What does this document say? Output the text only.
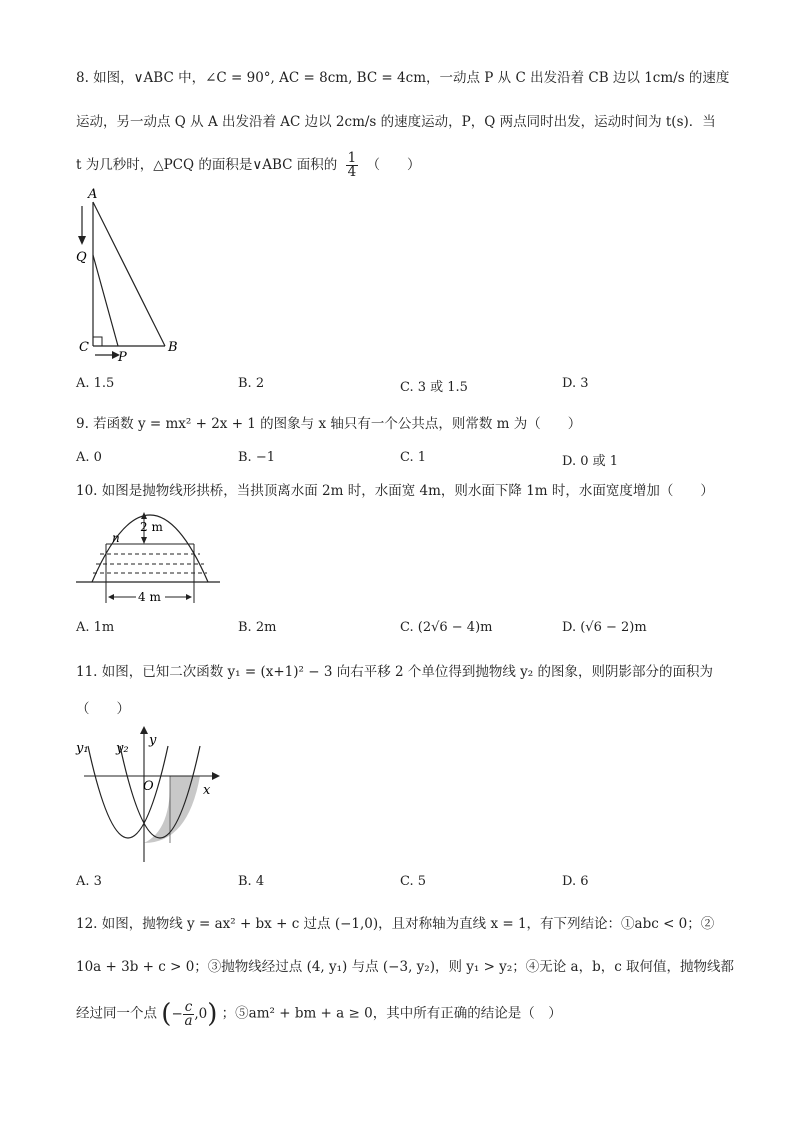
8. 如图，∨ABC 中，∠C = 90°, AC = 8cm, BC = 4cm，一动点 P 从 C 出发沿着 CB 边以 1cm/s 的速度
运动，另一动点 Q 从 A 出发沿着 AC 边以 2cm/s 的速度运动，P，Q 两点同时出发，运动时间为 t(s)．当
t 为几秒时，△PCQ 的面积是∨ABC 面积的 $\frac{1}{4}$ （　　）
A
Q
C
P
B
A. 1.5	B. 2	C. 3 或 1.5	D. 3
9. 若函数 y = mx² + 2x + 1 的图象与 x 轴只有一个公共点，则常数 m 为（　　）
A. 0	B. −1	C. 1	D. 0 或 1
10. 如图是抛物线形拱桥，当拱顶离水面 2m 时，水面宽 4m，则水面下降 1m 时，水面宽度增加（　　）
2 m
4 m
n
A. 1m	B. 2m	C. (2√6 − 4)m	D. (√6 − 2)m
11. 如图，已知二次函数 y₁ = (x+1)² − 3 向右平移 2 个单位得到抛物线 y₂ 的图象，则阴影部分的面积为
（　　）
y₁ y₂
y
O	x
A. 3	B. 4	C. 5	D. 6
12. 如图，抛物线 y = ax² + bx + c 过点 (−1,0)，且对称轴为直线 x = 1，有下列结论：①abc < 0；②
10a + 3b + c > 0；③抛物线经过点 (4, y₁) 与点 (−3, y₂)，则 y₁ > y₂；④无论 a，b，c 取何值，抛物线都
经过同一个点 (− $\frac{c}{a} ,0$) ；⑤am² + bm + a ≥ 0，其中所有正确的结论是（　）
